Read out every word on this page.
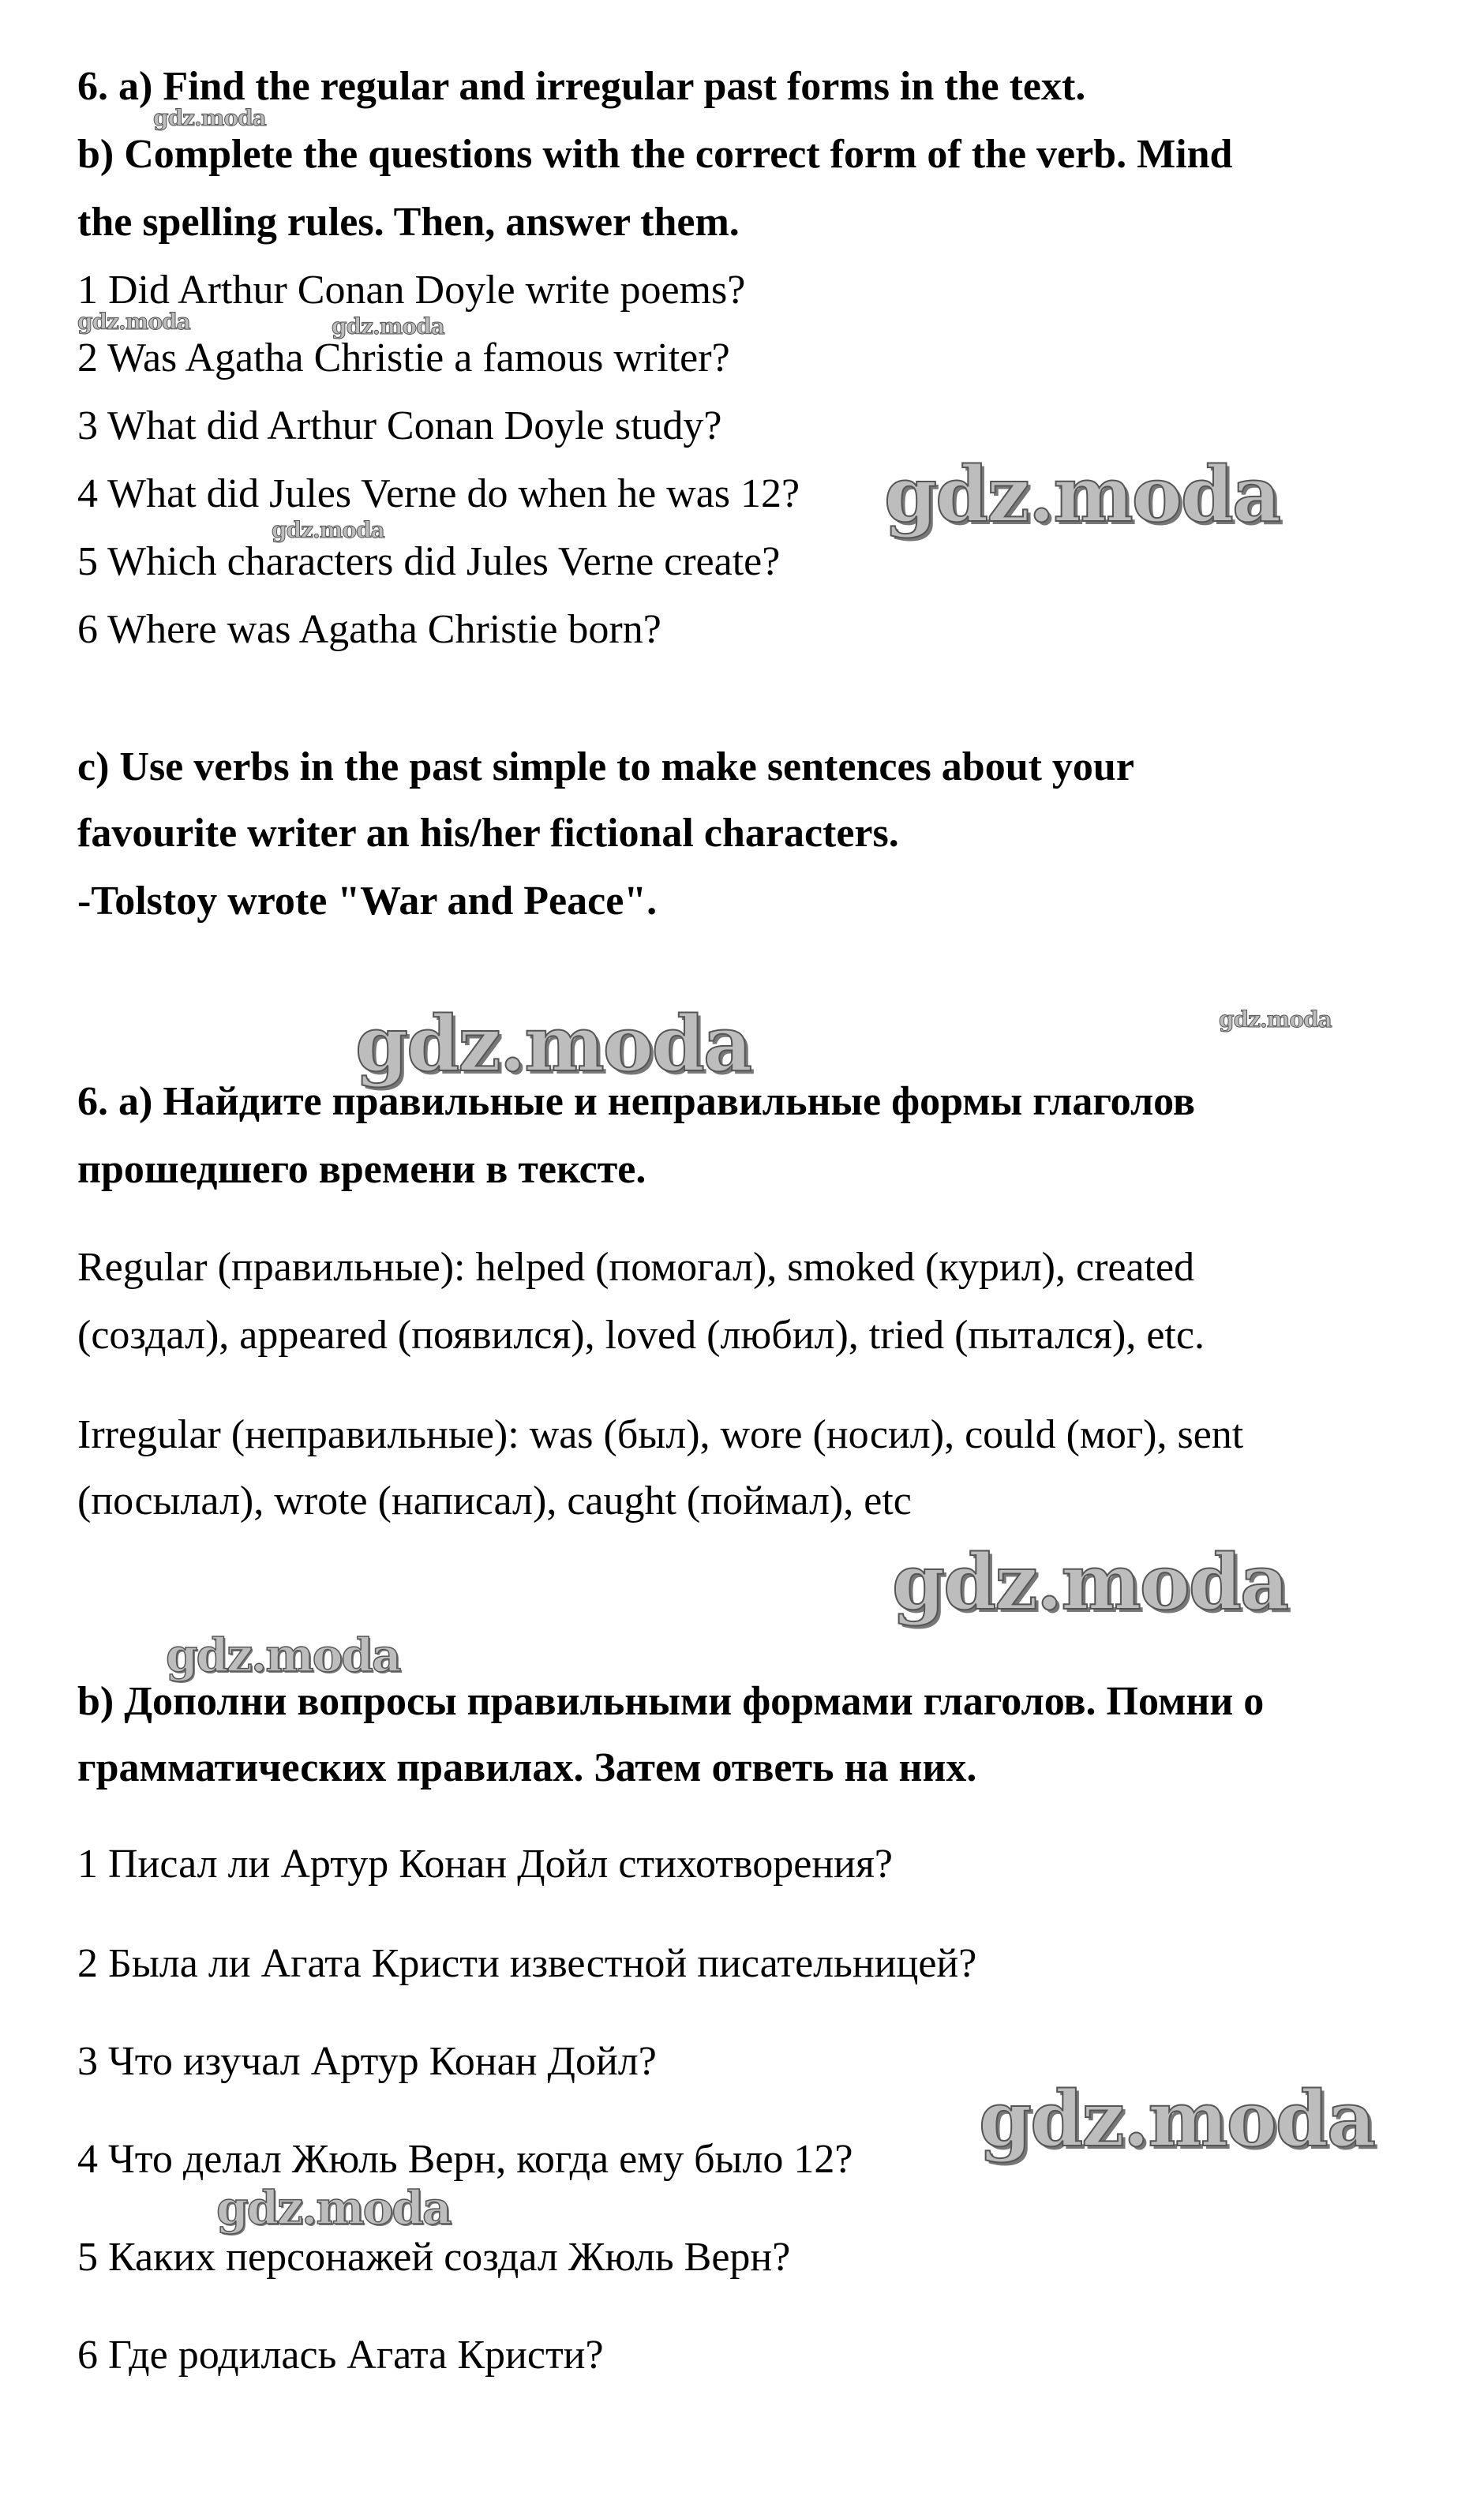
gdz.moda
gdz.moda	gdz.moda
gdz.moda	gdz.moda
gdz.moda	gdz.moda
gdz.moda
gdz.moda
gdz.moda
gdz.moda
6. a) Find the regular and irregular past forms in the text.
b) Complete the questions with the correct form of the verb. Mind
the spelling rules. Then, answer them.
1 Did Arthur Conan Doyle write poems?
2 Was Agatha Christie a famous writer?
3 What did Arthur Conan Doyle study?
4 What did Jules Verne do when he was 12?
5 Which characters did Jules Verne create?
6 Where was Agatha Christie born?
c) Use verbs in the past simple to make sentences about your
favourite writer an his/her fictional characters.
-Tolstoy wrote "War and Peace".
6. а) Найдите правильные и неправильные формы глаголов
прошедшего времени в тексте.
Regular (правильные): helped (помогал), smoked (курил), created
(создал), appeared (появился), loved (любил), tried (пытался), etc.
Irregular (неправильные): was (был), wore (носил), could (мог), sent
(посылал), wrote (написал), caught (поймал), etc
b) Дополни вопросы правильными формами глаголов. Помни о
грамматических правилах. Затем ответь на них.
1 Писал ли Артур Конан Дойл стихотворения?
2 Была ли Агата Кристи известной писательницей?
3 Что изучал Артур Конан Дойл?
4 Что делал Жюль Верн, когда ему было 12?
5 Каких персонажей создал Жюль Верн?
6 Где родилась Агата Кристи?
